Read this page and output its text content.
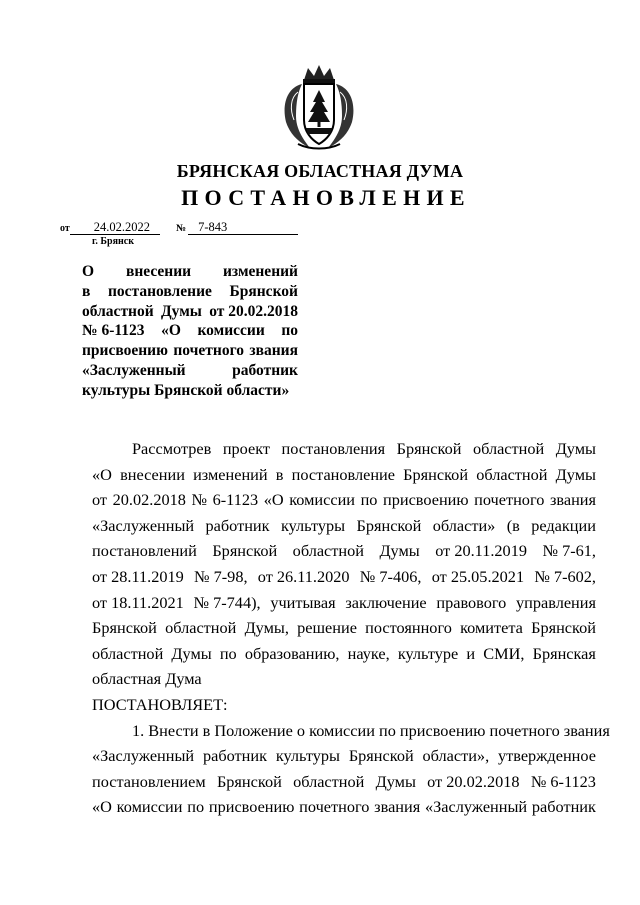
БРЯНСКАЯ ОБЛАСТНАЯ ДУМА
ПОСТАНОВЛЕНИЕ
от 24.02.2022	№ 7-843
г. Брянск
О внесении изменений
в постановление Брянской
областной Думы от 20.02.2018
№ 6-1123 «О комиссии по
присвоению почетного звания
«Заслуженный	работник
культуры Брянской области»
Рассмотрев проект постановления Брянской областной Думы
«О внесении изменений в постановление Брянской областной Думы
от 20.02.2018 № 6-1123 «О комиссии по присвоению почетного звания
«Заслуженный работник культуры Брянской области» (в редакции
постановлений Брянской областной Думы от 20.11.2019 № 7-61,
от 28.11.2019 № 7-98, от 26.11.2020 № 7-406, от 25.05.2021 № 7-602,
от 18.11.2021 № 7-744), учитывая заключение правового управления
Брянской областной Думы, решение постоянного комитета Брянской
областной Думы по образованию, науке, культуре и СМИ, Брянская
областная Дума
ПОСТАНОВЛЯЕТ:
1. Внести в Положение о комиссии по присвоению почетного звания
«Заслуженный работник культуры Брянской области», утвержденное
постановлением Брянской областной Думы от 20.02.2018 № 6-1123
«О комиссии по присвоению почетного звания «Заслуженный работник
